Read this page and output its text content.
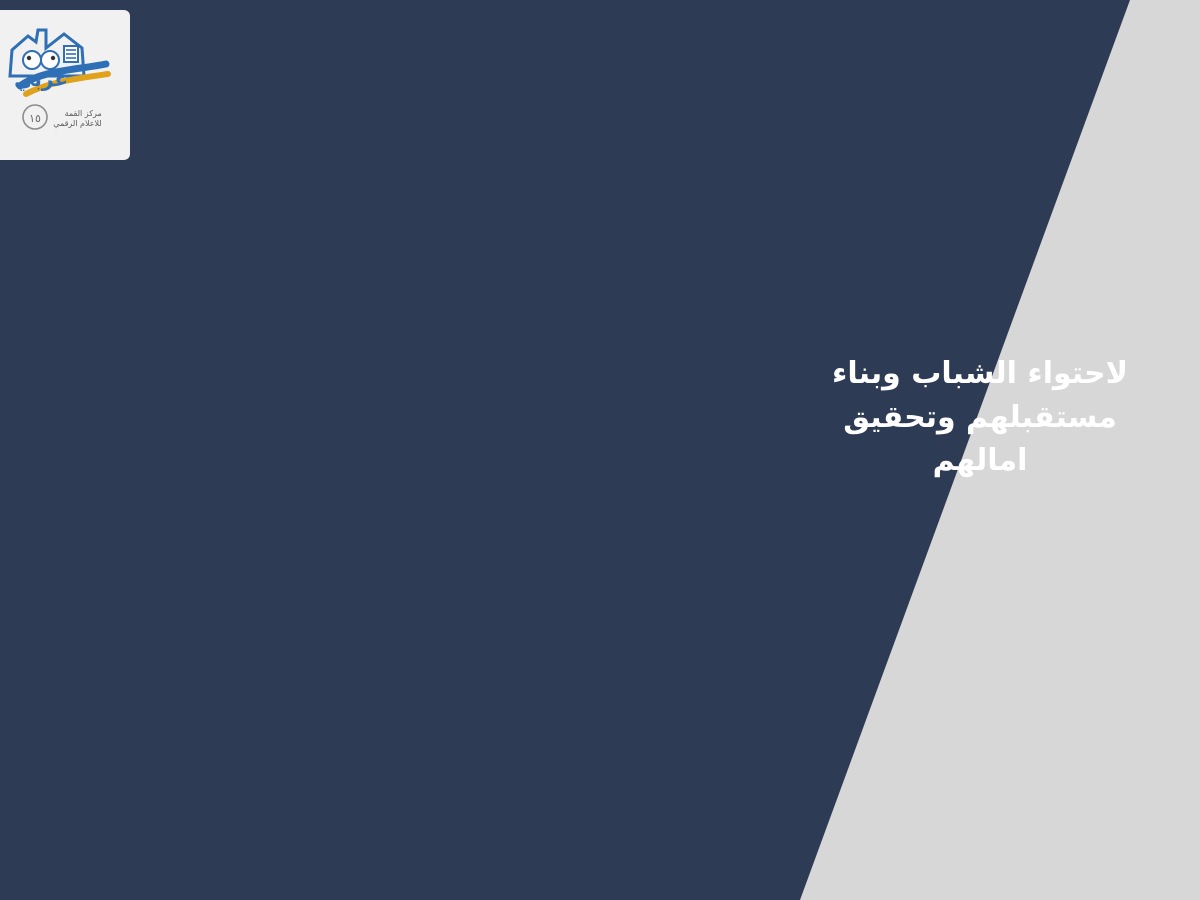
عربي
١٥	مركز القمة
للاعلام الرقمي
لاحتواء الشباب وبناء مستقبلهم وتحقيق امالهم
